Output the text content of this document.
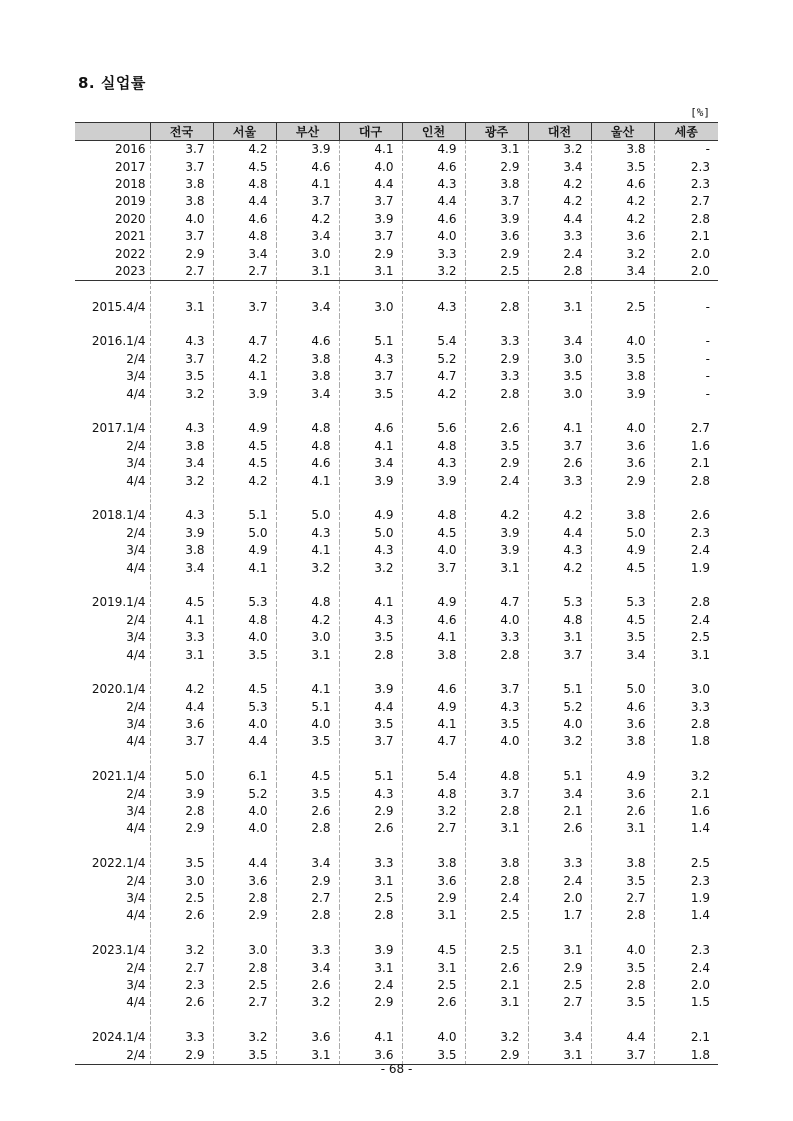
8. 실업률
[%]
	전국	서울	부산	대구	인천	광주	대전	울산	세종
2016	3.7	4.2	3.9	4.1	4.9	3.1	3.2	3.8	-
2017	3.7	4.5	4.6	4.0	4.6	2.9	3.4	3.5	2.3
2018	3.8	4.8	4.1	4.4	4.3	3.8	4.2	4.6	2.3
2019	3.8	4.4	3.7	3.7	4.4	3.7	4.2	4.2	2.7
2020	4.0	4.6	4.2	3.9	4.6	3.9	4.4	4.2	2.8
2021	3.7	4.8	3.4	3.7	4.0	3.6	3.3	3.6	2.1
2022	2.9	3.4	3.0	2.9	3.3	2.9	2.4	3.2	2.0
2023	2.7	2.7	3.1	3.1	3.2	2.5	2.8	3.4	2.0

2015.4/4	3.1	3.7	3.4	3.0	4.3	2.8	3.1	2.5	-

2016.1/4	4.3	4.7	4.6	5.1	5.4	3.3	3.4	4.0	-
2/4	3.7	4.2	3.8	4.3	5.2	2.9	3.0	3.5	-
3/4	3.5	4.1	3.8	3.7	4.7	3.3	3.5	3.8	-
4/4	3.2	3.9	3.4	3.5	4.2	2.8	3.0	3.9	-

2017.1/4	4.3	4.9	4.8	4.6	5.6	2.6	4.1	4.0	2.7
2/4	3.8	4.5	4.8	4.1	4.8	3.5	3.7	3.6	1.6
3/4	3.4	4.5	4.6	3.4	4.3	2.9	2.6	3.6	2.1
4/4	3.2	4.2	4.1	3.9	3.9	2.4	3.3	2.9	2.8

2018.1/4	4.3	5.1	5.0	4.9	4.8	4.2	4.2	3.8	2.6
2/4	3.9	5.0	4.3	5.0	4.5	3.9	4.4	5.0	2.3
3/4	3.8	4.9	4.1	4.3	4.0	3.9	4.3	4.9	2.4
4/4	3.4	4.1	3.2	3.2	3.7	3.1	4.2	4.5	1.9

2019.1/4	4.5	5.3	4.8	4.1	4.9	4.7	5.3	5.3	2.8
2/4	4.1	4.8	4.2	4.3	4.6	4.0	4.8	4.5	2.4
3/4	3.3	4.0	3.0	3.5	4.1	3.3	3.1	3.5	2.5
4/4	3.1	3.5	3.1	2.8	3.8	2.8	3.7	3.4	3.1

2020.1/4	4.2	4.5	4.1	3.9	4.6	3.7	5.1	5.0	3.0
2/4	4.4	5.3	5.1	4.4	4.9	4.3	5.2	4.6	3.3
3/4	3.6	4.0	4.0	3.5	4.1	3.5	4.0	3.6	2.8
4/4	3.7	4.4	3.5	3.7	4.7	4.0	3.2	3.8	1.8

2021.1/4	5.0	6.1	4.5	5.1	5.4	4.8	5.1	4.9	3.2
2/4	3.9	5.2	3.5	4.3	4.8	3.7	3.4	3.6	2.1
3/4	2.8	4.0	2.6	2.9	3.2	2.8	2.1	2.6	1.6
4/4	2.9	4.0	2.8	2.6	2.7	3.1	2.6	3.1	1.4

2022.1/4	3.5	4.4	3.4	3.3	3.8	3.8	3.3	3.8	2.5
2/4	3.0	3.6	2.9	3.1	3.6	2.8	2.4	3.5	2.3
3/4	2.5	2.8	2.7	2.5	2.9	2.4	2.0	2.7	1.9
4/4	2.6	2.9	2.8	2.8	3.1	2.5	1.7	2.8	1.4

2023.1/4	3.2	3.0	3.3	3.9	4.5	2.5	3.1	4.0	2.3
2/4	2.7	2.8	3.4	3.1	3.1	2.6	2.9	3.5	2.4
3/4	2.3	2.5	2.6	2.4	2.5	2.1	2.5	2.8	2.0
4/4	2.6	2.7	3.2	2.9	2.6	3.1	2.7	3.5	1.5

2024.1/4	3.3	3.2	3.6	4.1	4.0	3.2	3.4	4.4	2.1
2/4	2.9	3.5	3.1	3.6	3.5	2.9	3.1	3.7	1.8
- 68 -
